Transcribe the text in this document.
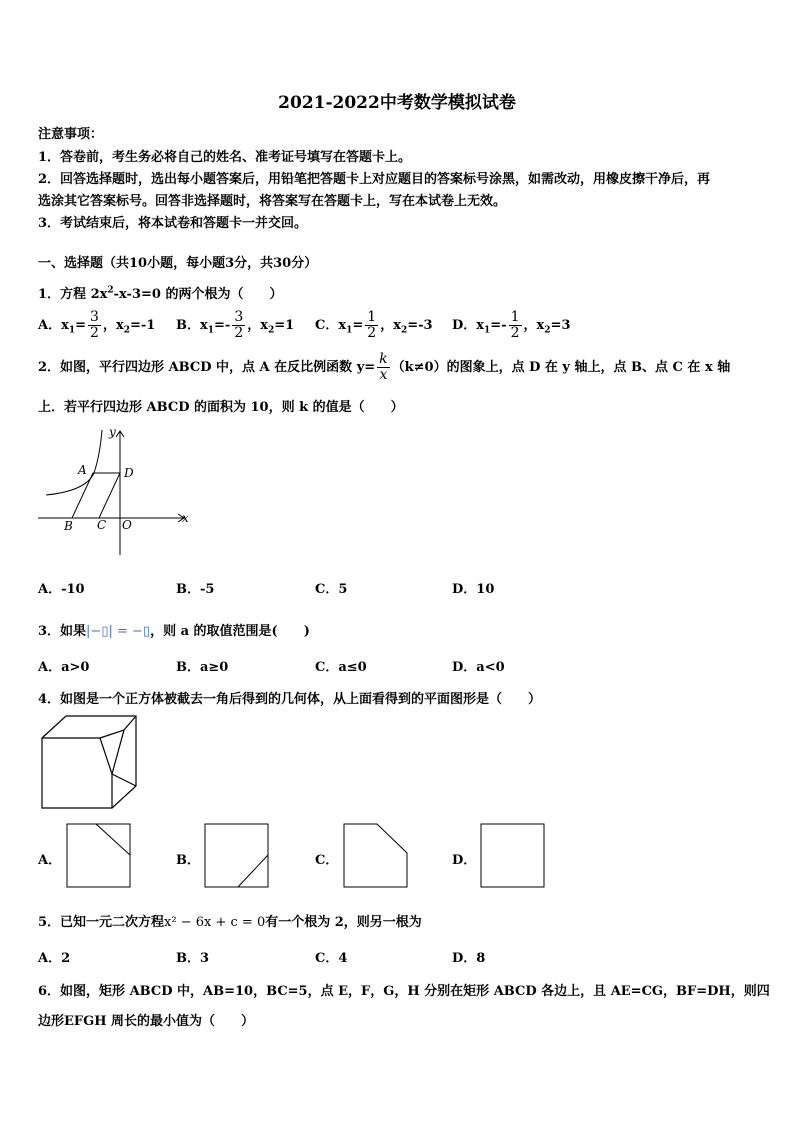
2021-2022中考数学模拟试卷
注意事项：
1．答卷前，考生务必将自己的姓名、准考证号填写在答题卡上。
2．回答选择题时，选出每小题答案后，用铅笔把答题卡上对应题目的答案标号涂黑，如需改动，用橡皮擦干净后，再
选涂其它答案标号。回答非选择题时，将答案写在答题卡上，写在本试卷上无效。
3．考试结束后，将本试卷和答题卡一并交回。
一、选择题（共10小题，每小题3分，共30分）
1．方程 $2x^2-x-3=0$ 的两个根为（　　）
A．$x_1= \frac{3}{2}$ ，$x_2=-1$ B．$x_1=- \frac{3}{2}$ ，$x_2=1$ C．$x_1= \frac{1}{2}$ ，$x_2=-3$ D．$x_1=- \frac{1}{2}$ ，$x_2=3$
2．如图，平行四边形 ABCD 中，点 A 在反比例函数 $y= \frac{k}{x} (k\ne 0)$的图象上，点 D 在 y 轴上，点 B、点 C 在 x 轴
上．若平行四边形 ABCD 的面积为 10，则 k 的值是（　　）
y
x
A	D
B C O
A．-10	B．-5	C．5	D．10
3．如果|−▯| = −▯，则 a 的取值范围是(　　)
A．a>0	B．a≥0	C．a≤0	D．a<0
4．如图是一个正方体被截去一角后得到的几何体，从上面看得到的平面图形是（　　）
A．	B．	C．	D．
5．已知一元二次方程x² − 6x + c = 0有一个根为 2，则另一根为
A．2	B．3	C．4	D．8
6．如图，矩形 ABCD 中，AB=10，BC=5，点 E，F，G，H 分别在矩形 ABCD 各边上，且 AE=CG，BF=DH，则四
边形EFGH 周长的最小值为（　　）
